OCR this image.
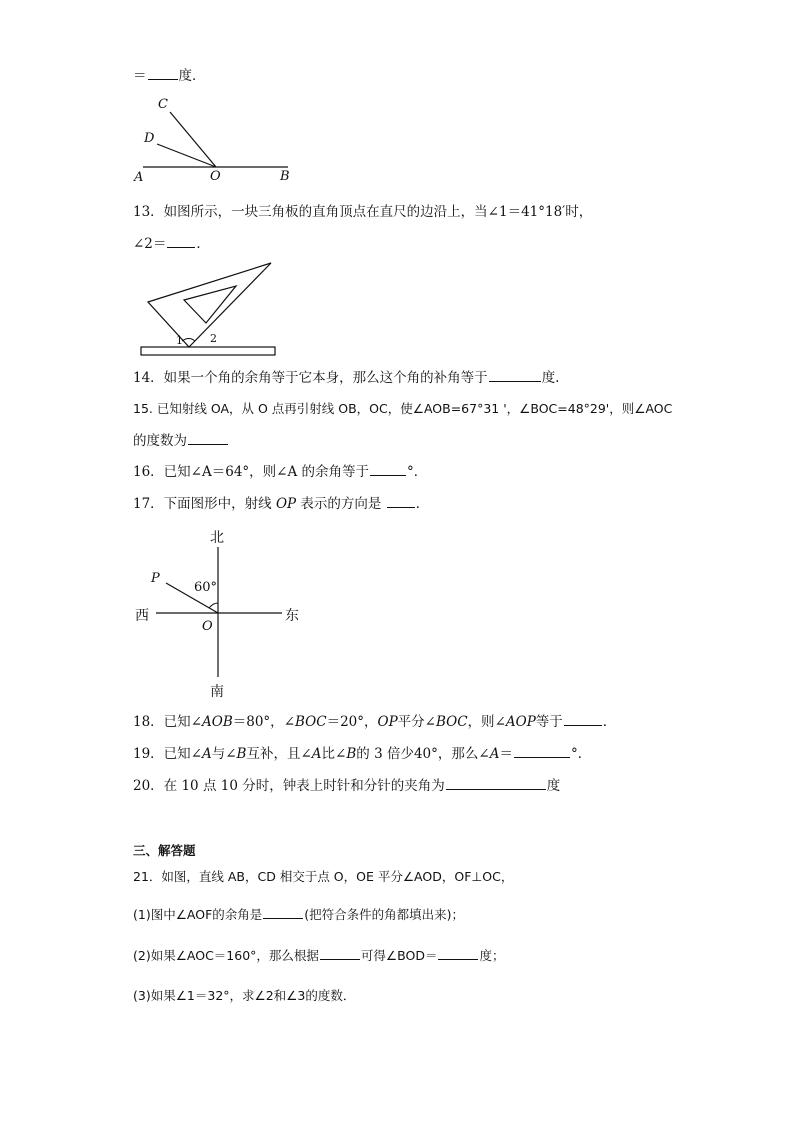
＝ 度．
C
D
A	O	B
13．如图所示，一块三角板的直角顶点在直尺的边沿上，当∠1＝41°18′时，
∠2＝ ．
1 2
14．如果一个角的余角等于它本身，那么这个角的补角等于	度.
15. 已知射线 OA，从 O 点再引射线 OB，OC，使∠AOB=67°31 '，∠BOC=48°29'，则∠AOC
的度数为
16．已知∠A＝64°，则∠A 的余角等于	°．
17．下面图形中，射线 OP 表示的方向是 ．
北
南
西	东
P
O
60°
18．已知∠AOB＝80°，∠BOC＝20°，OP平分∠BOC，则∠AOP等于	．
19．已知∠A与∠B互补，且∠A比∠B的 3 倍少40°，那么∠A＝	°．
20．在 10 点 10 分时，钟表上时针和分针的夹角为	度
三、解答题
21．如图，直线 AB，CD 相交于点 O，OE 平分∠AOD，OF⊥OC，
(1)图中∠AOF的余角是	(把符合条件的角都填出来)；
(2)如果∠AOC＝160°，那么根据	可得∠BOD＝	度；
(3)如果∠1＝32°，求∠2和∠3的度数．
